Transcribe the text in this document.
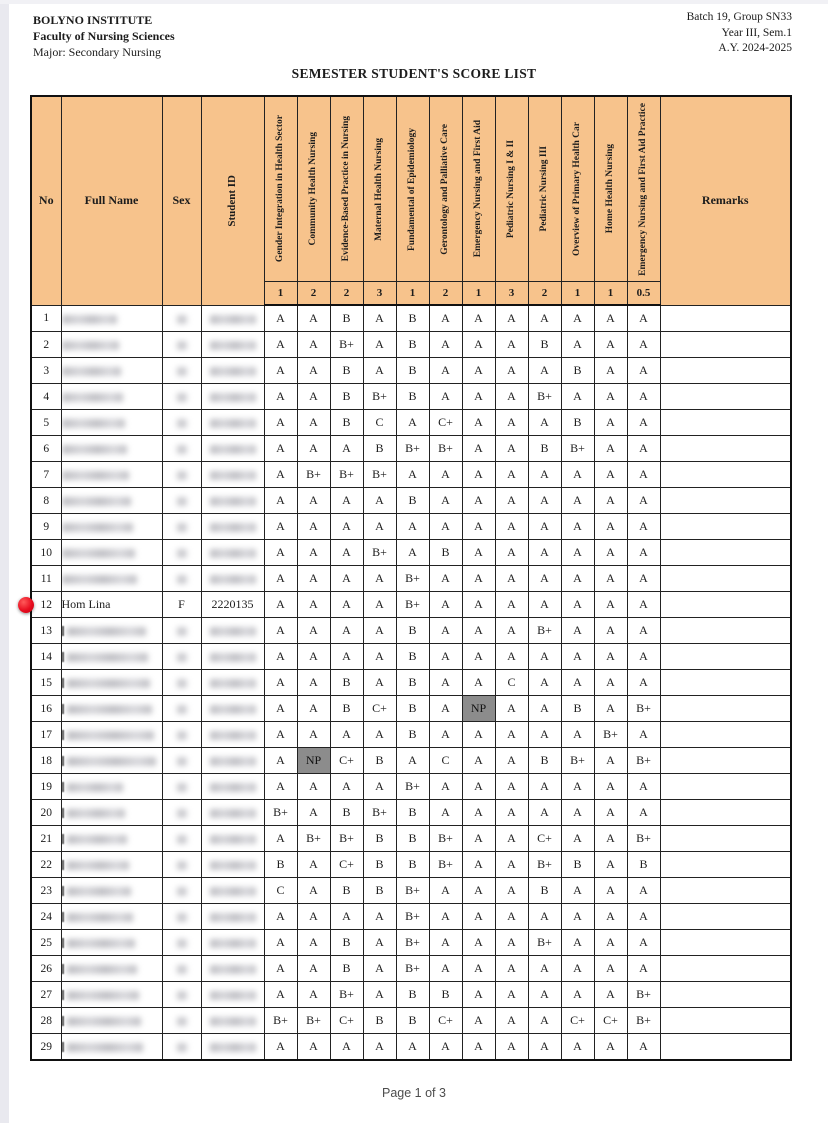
BOLYNO INSTITUTE
Faculty of Nursing Sciences
Major: Secondary Nursing
Batch 19, Group SN33
Year III, Sem.1
A.Y. 2024-2025
SEMESTER STUDENT'S SCORE LIST
No	Full Name	Sex	Student ID	Gender Integration in Health Sector	Community Health Nursing	Evidence-Based Practice in Nursing	Maternal Health Nursing	Fundamental of Epidemiology	Gerontology and Palliative Care	Emergency Nursing and First Aid	Pediatric Nursing I & II	Pediatric Nursing III	Overview of Primary Health Car	Home Health Nursing	Emergency Nursing and First Aid Practice	Remarks
				1	2	2	3	1	2	1	3	2	1	1	0.5	
1				A	A	B	A	B	A	A	A	A	A	A	A	
2				A	A	B+	A	B	A	A	A	B	A	A	A	
3				A	A	B	A	B	A	A	A	A	B	A	A	
4				A	A	B	B+	B	A	A	A	B+	A	A	A	
5				A	A	B	C	A	C+	A	A	A	B	A	A	
6				A	A	A	B	B+	B+	A	A	B	B+	A	A	
7				A	B+	B+	B+	A	A	A	A	A	A	A	A	
8				A	A	A	A	B	A	A	A	A	A	A	A	
9				A	A	A	A	A	A	A	A	A	A	A	A	
10				A	A	A	B+	A	B	A	A	A	A	A	A	
11				A	A	A	A	B+	A	A	A	A	A	A	A	
12	Hom Lina	F	2220135	A	A	A	A	B+	A	A	A	A	A	A	A	
13				A	A	A	A	B	A	A	A	B+	A	A	A	
14				A	A	A	A	B	A	A	A	A	A	A	A	
15				A	A	B	A	B	A	A	C	A	A	A	A	
16				A	A	B	C+	B	A	NP	A	A	B	A	B+	
17				A	A	A	A	B	A	A	A	A	A	B+	A	
18				A	NP	C+	B	A	C	A	A	B	B+	A	B+	
19				A	A	A	A	B+	A	A	A	A	A	A	A	
20				B+	A	B	B+	B	A	A	A	A	A	A	A	
21				A	B+	B+	B	B	B+	A	A	C+	A	A	B+	
22				B	A	C+	B	B	B+	A	A	B+	B	A	B	
23				C	A	B	B	B+	A	A	A	B	A	A	A	
24				A	A	A	A	B+	A	A	A	A	A	A	A	
25				A	A	B	A	B+	A	A	A	B+	A	A	A	
26				A	A	B	A	B+	A	A	A	A	A	A	A	
27				A	A	B+	A	B	B	A	A	A	A	A	B+	
28				B+	B+	C+	B	B	C+	A	A	A	C+	C+	B+	
29				A	A	A	A	A	A	A	A	A	A	A	A	
Page 1 of 3
